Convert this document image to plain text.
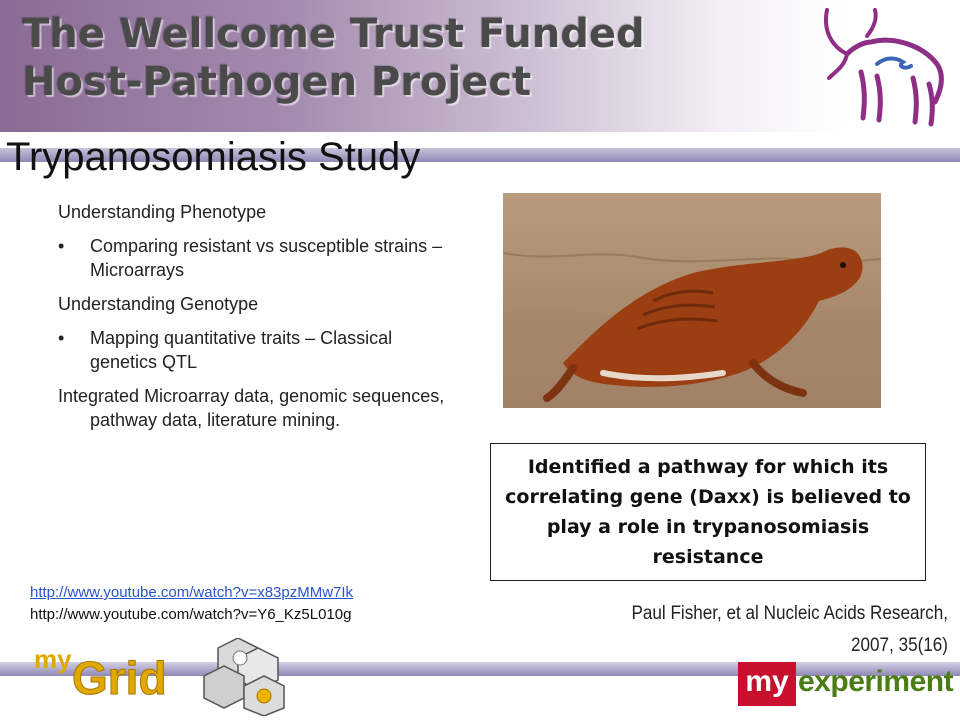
The Wellcome Trust Funded
Host-Pathogen Project
Trypanosomiasis Study

Understanding Phenotype

• Comparing resistant vs susceptible strains – Microarrays

Understanding Genotype

• Mapping quantitative traits – Classical genetics QTL

Integrated Microarray data, genomic sequences, pathway data, literature mining.

Identified a pathway for which its correlating gene (Daxx) is believed to play a role in trypanosomiasis resistance
http://www.youtube.com/watch?v=x83pzMMw7Ik
http://www.youtube.com/watch?v=Y6_Kz5L010g	Paul Fisher, et al Nucleic Acids Research,
2007, 35(16)
my Grid	my experiment
